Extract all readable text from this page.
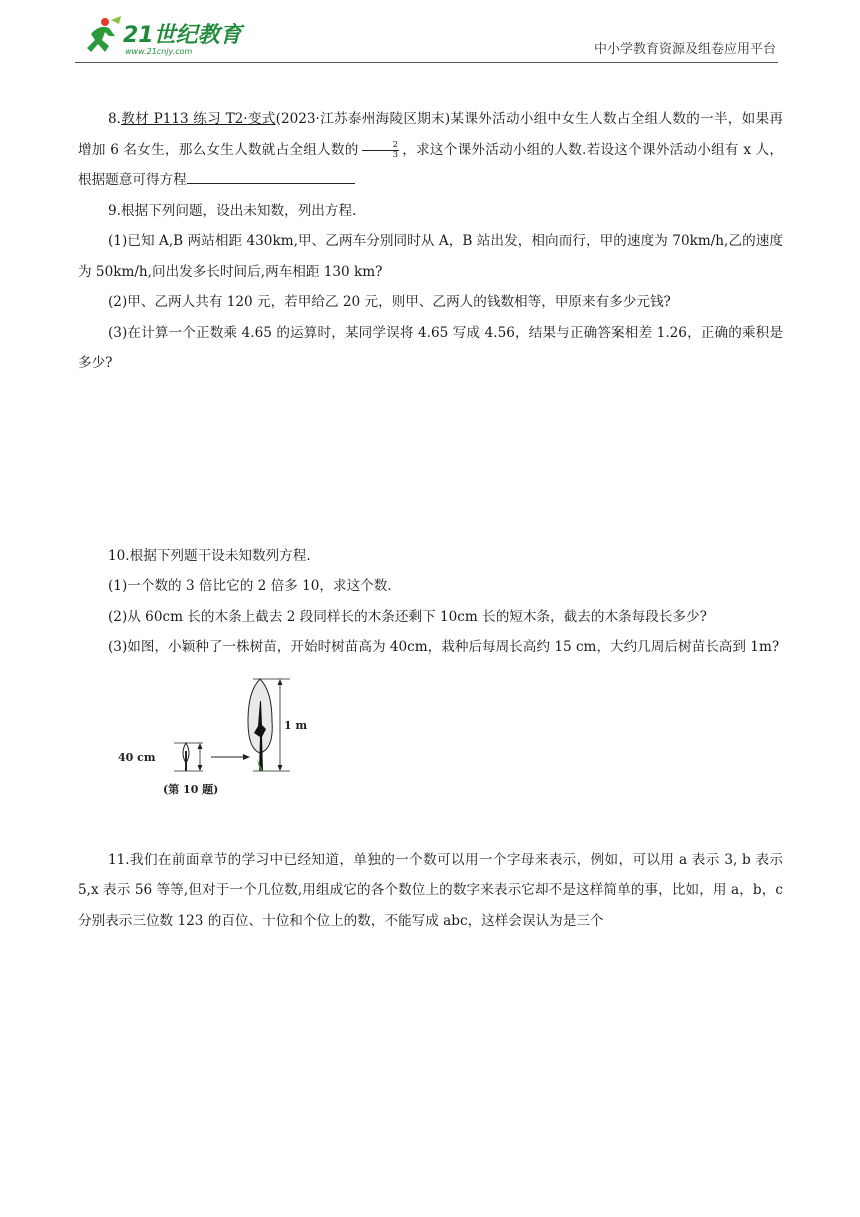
21世纪教育
www.21cnjy.com	中小学教育资源及组卷应用平台

8.教材 P113 练习 T2·变式(2023·江苏泰州海陵区期末)某课外活动小组中女生人数占全组人数的一半，如果再增加 6 名女生，那么女生人数就占全组人数的 $\frac{2}{3}$ ，求这个课外活动小组的人数.若设这个课外活动小组有 x 人，根据题意可得方程

9.根据下列问题，设出未知数，列出方程.

(1)已知 A,B 两站相距 430km,甲、乙两车分别同时从 A，B 站出发，相向而行，甲的速度为 70km/h,乙的速度为 50km/h,问出发多长时间后,两车相距 130 km?

(2)甲、乙两人共有 120 元，若甲给乙 20 元，则甲、乙两人的钱数相等，甲原来有多少元钱?

(3)在计算一个正数乘 4.65 的运算时，某同学误将 4.65 写成 4.56，结果与正确答案相差 1.26，正确的乘积是多少?

10.根据下列题干设未知数列方程.

(1)一个数的 3 倍比它的 2 倍多 10，求这个数.

(2)从 60cm 长的木条上截去 2 段同样长的木条还剩下 10cm 长的短木条，截去的木条每段长多少?

(3)如图，小颖种了一株树苗，开始时树苗高为 40cm，栽种后每周长高约 15 cm，大约几周后树苗长高到 1m?

40 cm
1 m
(第 10 题)

11.我们在前面章节的学习中已经知道，单独的一个数可以用一个字母来表示，例如，可以用 a 表示 3, b 表示 5,x 表示 56 等等,但对于一个几位数,用组成它的各个数位上的数字来表示它却不是这样简单的事，比如，用 a，b，c 分别表示三位数 123 的百位、十位和个位上的数，不能写成 abc，这样会误认为是三个
